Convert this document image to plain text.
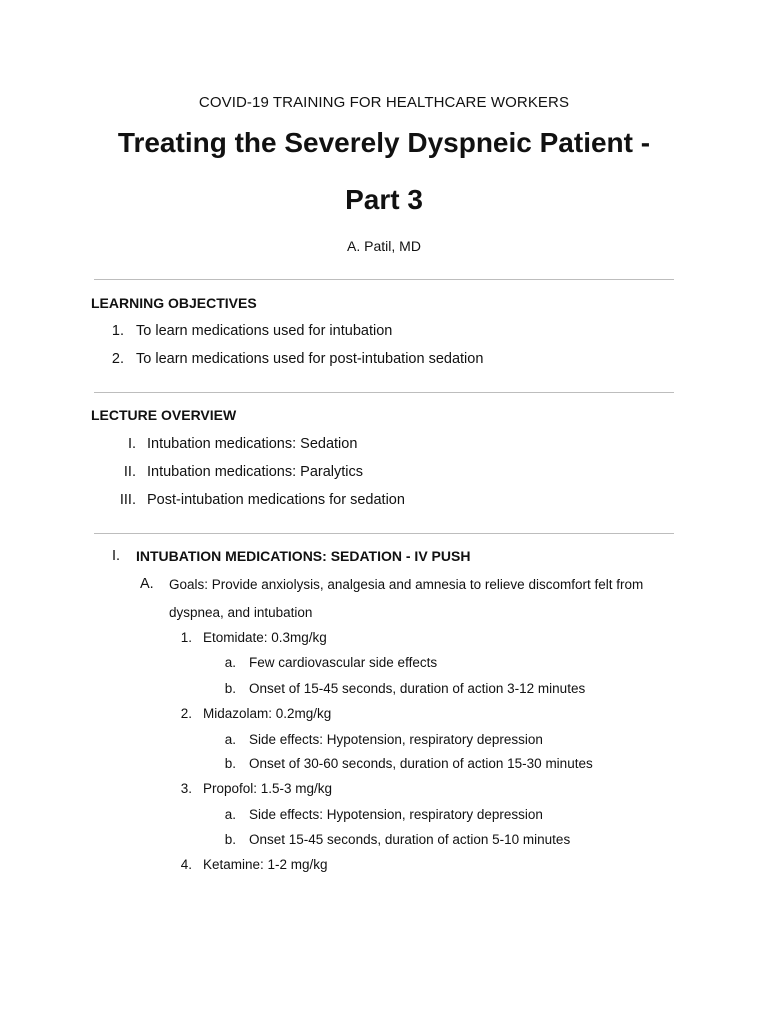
COVID-19 TRAINING FOR HEALTHCARE WORKERS
Treating the Severely Dyspneic Patient -
Part 3
A. Patil, MD
LEARNING OBJECTIVES
1. To learn medications used for intubation
2. To learn medications used for post-intubation sedation
LECTURE OVERVIEW
I. Intubation medications: Sedation
II. Intubation medications: Paralytics
III. Post-intubation medications for sedation
I. INTUBATION MEDICATIONS: SEDATION - IV PUSH
A. Goals: Provide anxiolysis, analgesia and amnesia to relieve discomfort felt from
dyspnea, and intubation
1. Etomidate: 0.3mg/kg
a. Few cardiovascular side effects
b. Onset of 15-45 seconds, duration of action 3-12 minutes
2. Midazolam: 0.2mg/kg
a. Side effects: Hypotension, respiratory depression
b. Onset of 30-60 seconds, duration of action 15-30 minutes
3. Propofol: 1.5-3 mg/kg
a. Side effects: Hypotension, respiratory depression
b. Onset 15-45 seconds, duration of action 5-10 minutes
4. Ketamine: 1-2 mg/kg
